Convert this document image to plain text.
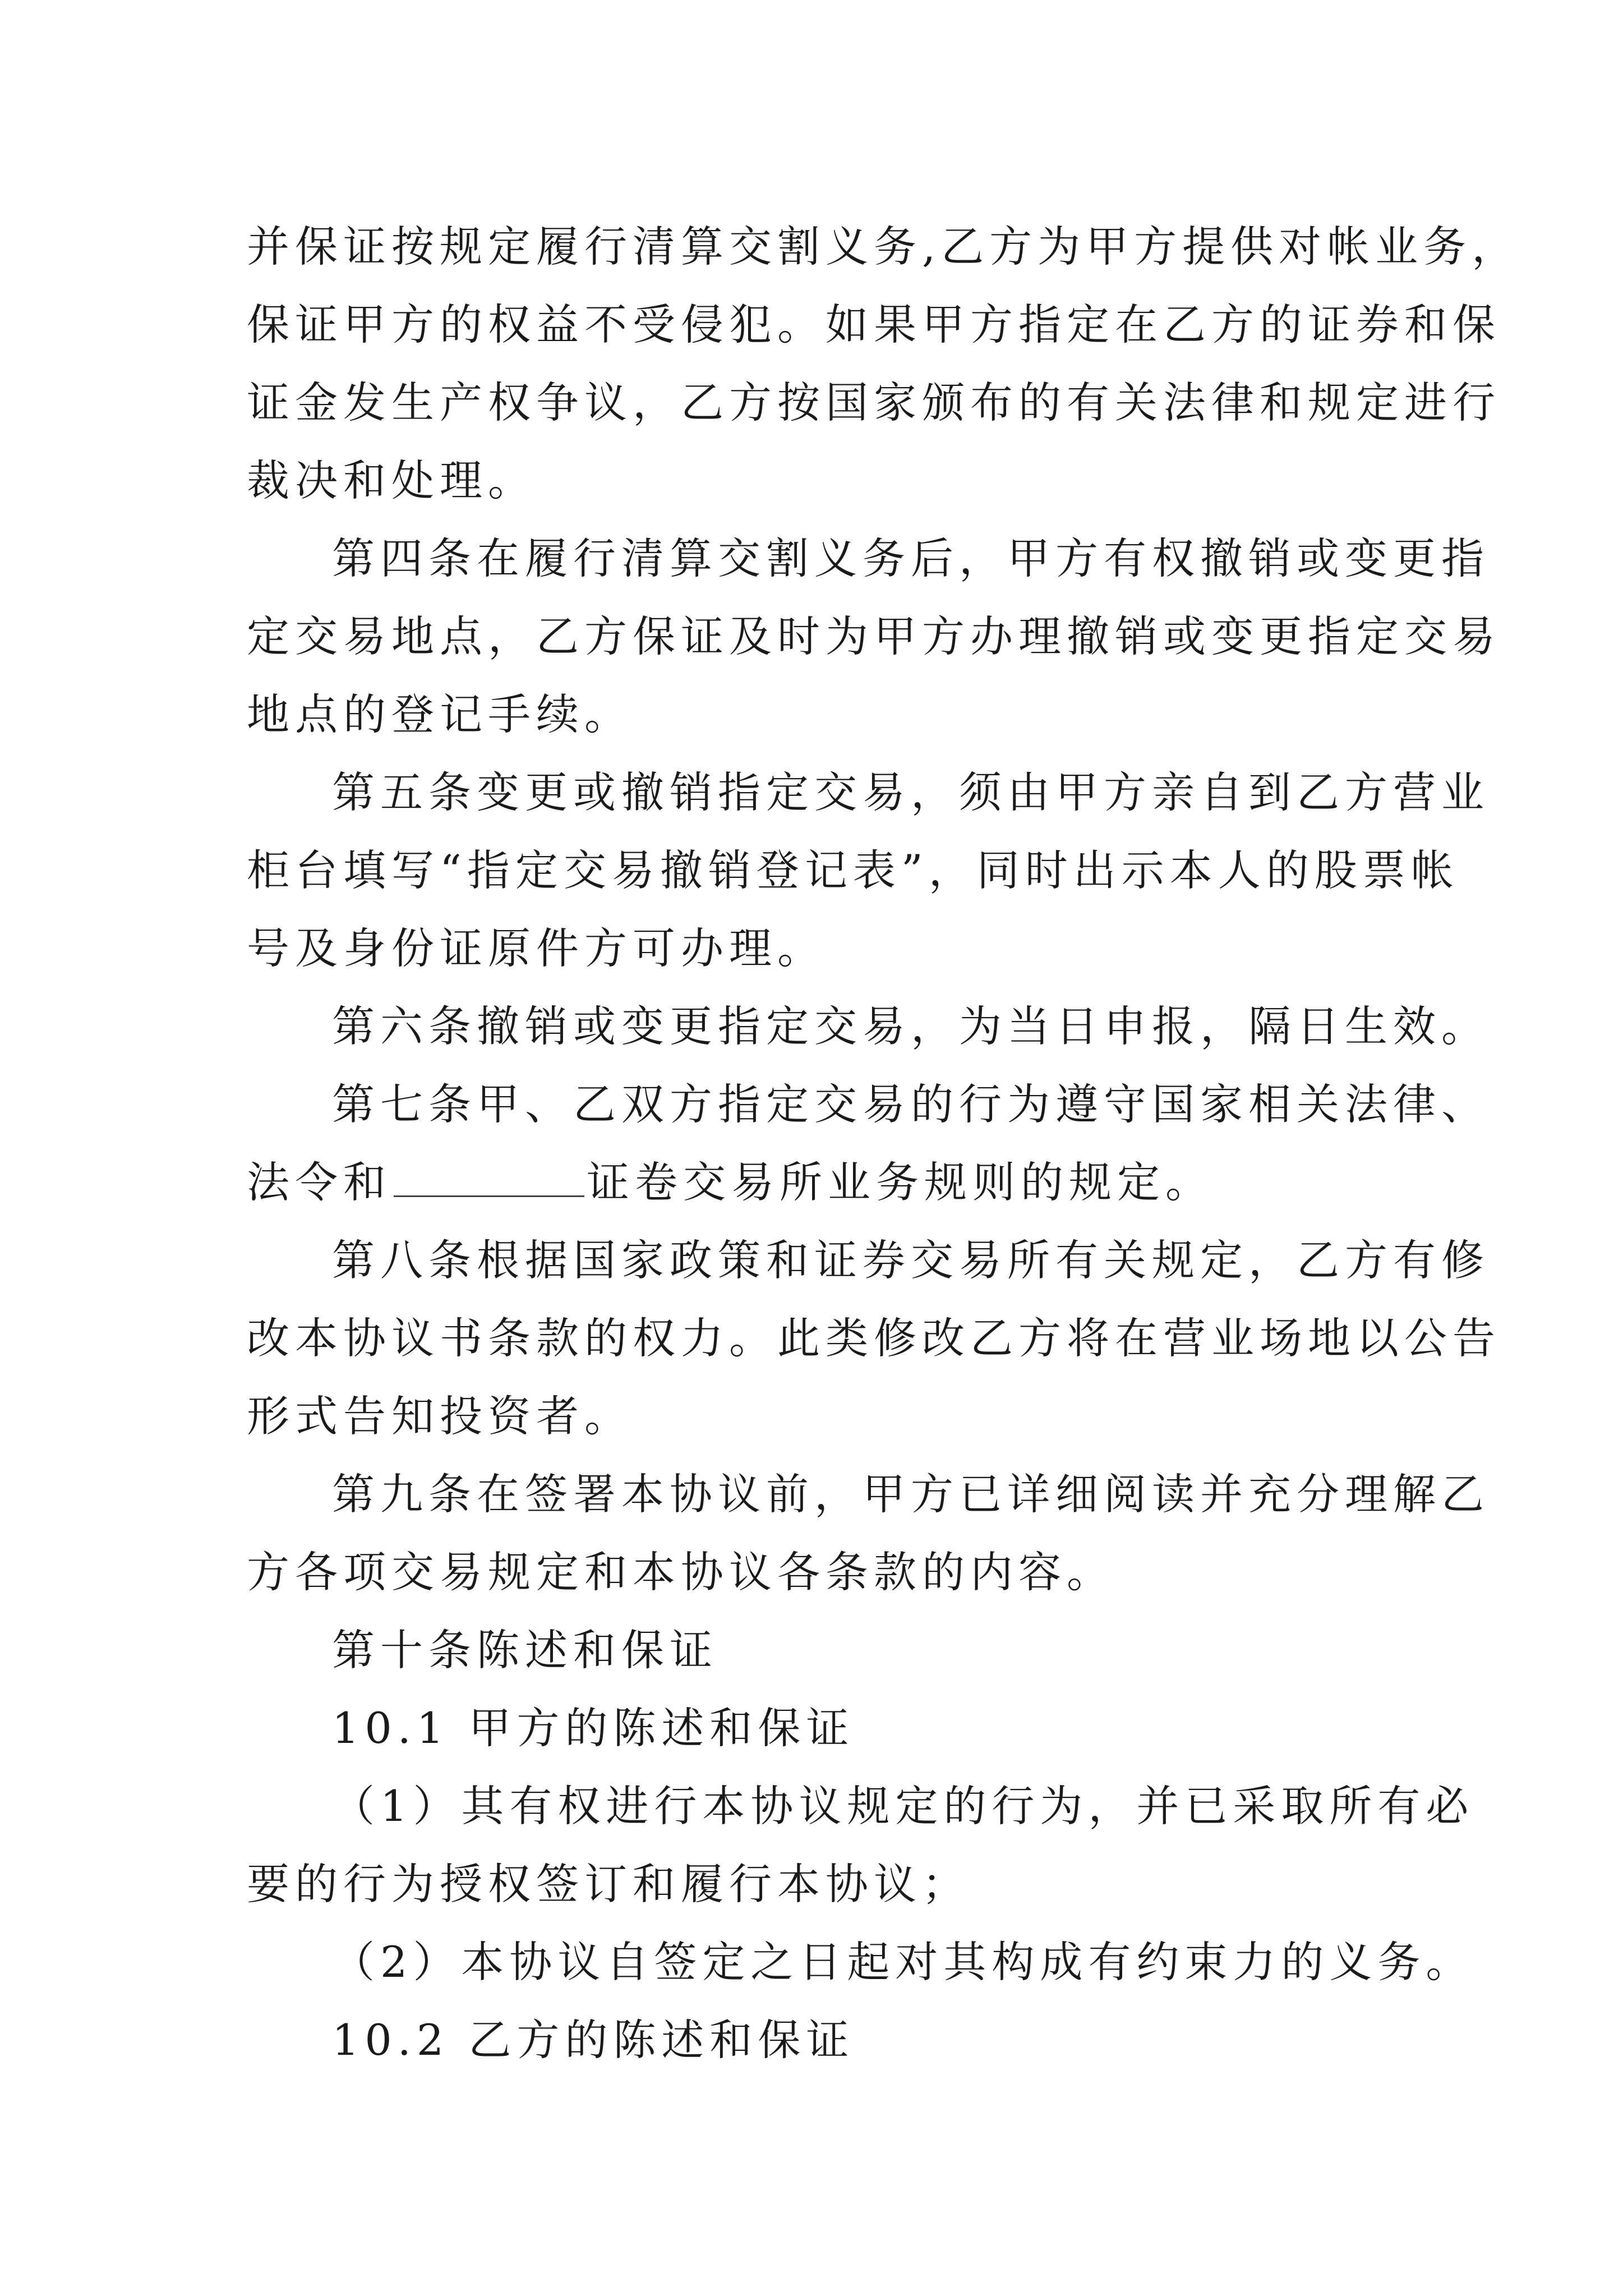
并保证按规定履行清算交割义务,乙方为甲方提供对帐业务，
保证甲方的权益不受侵犯。如果甲方指定在乙方的证券和保
证金发生产权争议，乙方按国家颁布的有关法律和规定进行
裁决和处理。
第四条在履行清算交割义务后，甲方有权撤销或变更指
定交易地点，乙方保证及时为甲方办理撤销或变更指定交易
地点的登记手续。
第五条变更或撤销指定交易，须由甲方亲自到乙方营业
柜台填写“指定交易撤销登记表”，同时出示本人的股票帐
号及身份证原件方可办理。
第六条撤销或变更指定交易，为当日申报，隔日生效。
第七条甲、乙双方指定交易的行为遵守国家相关法律、
法令和	证卷交易所业务规则的规定。
第八条根据国家政策和证券交易所有关规定，乙方有修
改本协议书条款的权力。此类修改乙方将在营业场地以公告
形式告知投资者。
第九条在签署本协议前，甲方已详细阅读并充分理解乙
方各项交易规定和本协议各条款的内容。
第十条陈述和保证
10.1 甲方的陈述和保证
（1）其有权进行本协议规定的行为，并已采取所有必
要的行为授权签订和履行本协议；
（2）本协议自签定之日起对其构成有约束力的义务。
10.2 乙方的陈述和保证
